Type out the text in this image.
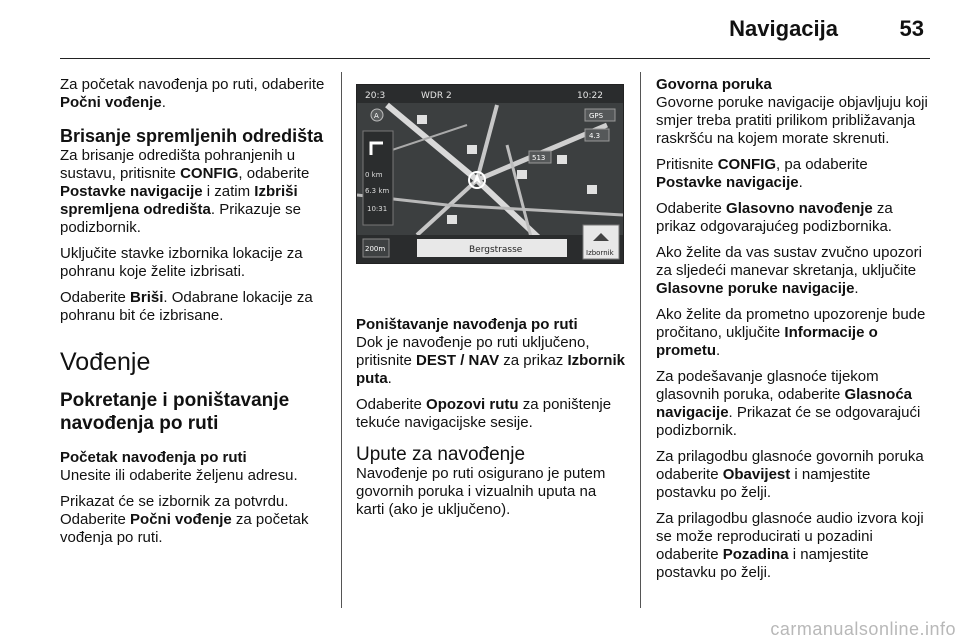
Navigacija	53

Za početak navođenja po ruti, odaberite Počni vođenje.

Brisanje spremljenih odredišta

Za brisanje odredišta pohranjenih u sustavu, pritisnite CONFIG, odaberite Postavke navigacije i zatim Izbriši spremljena odredišta. Prikazuje se podizbornik.

Uključite stavke izbornika lokacije za pohranu koje želite izbrisati.

Odaberite Briši. Odabrane lokacije za pohranu bit će izbrisane.

Vođenje
Pokretanje i poništavanje navođenja po ruti
Početak navođenja po ruti

Unesite ili odaberite željenu adresu.

Prikazat će se izbornik za potvrdu. Odaberite Počni vođenje za početak vođenja po ruti.

20:3	WDR 2	10:22
0 km
6.3 km
10:31
A	GPS
4.3
513
200m	Bergstrasse	Izbornik
Poništavanje navođenja po ruti

Dok je navođenje po ruti uključeno, pritisnite DEST / NAV za prikaz Izbornik puta.

Odaberite Opozovi rutu za poništenje tekuće navigacijske sesije.

Upute za navođenje

Navođenje po ruti osigurano je putem govornih poruka i vizualnih uputa na karti (ako je uključeno).

Govorna poruka

Govorne poruke navigacije objavljuju koji smjer treba pratiti prilikom približavanja raskršću na kojem morate skrenuti.

Pritisnite CONFIG, pa odaberite Postavke navigacije.

Odaberite Glasovno navođenje za prikaz odgovarajućeg podizbornika.

Ako želite da vas sustav zvučno upozori za sljedeći manevar skretanja, uključite Glasovne poruke navigacije.

Ako želite da prometno upozorenje bude pročitano, uključite Informacije o prometu.

Za podešavanje glasnoće tijekom glasovnih poruka, odaberite Glasnoća navigacije. Prikazat će se odgovarajući podizbornik.

Za prilagodbu glasnoće govornih poruka odaberite Obavijest i namjestite postavku po želji.

Za prilagodbu glasnoće audio izvora koji se može reproducirati u pozadini odaberite Pozadina i namjestite postavku po želji.

carmanualsonline.info
